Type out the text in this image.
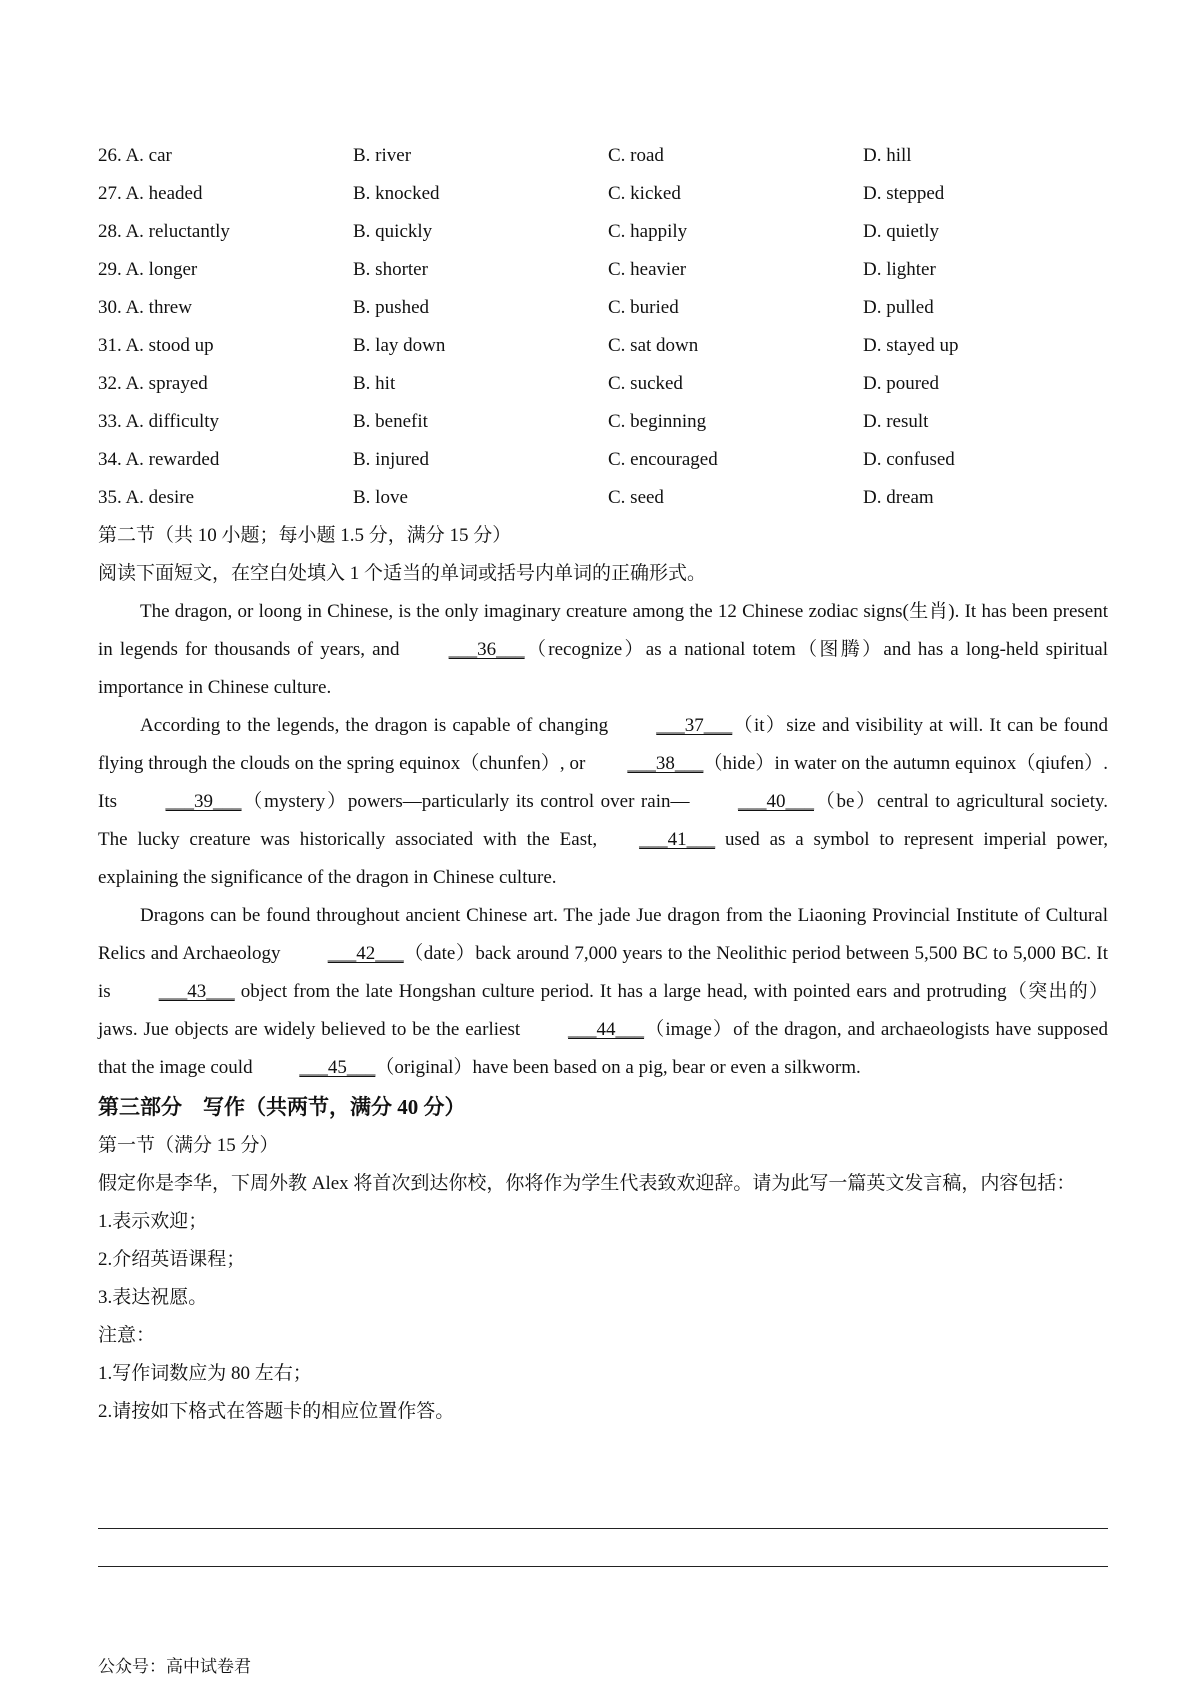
26. A. car	B. river	C. road	D. hill
27. A. headed	B. knocked	C. kicked	D. stepped
28. A. reluctantly	B. quickly	C. happily	D. quietly
29. A. longer	B. shorter	C. heavier	D. lighter
30. A. threw	B. pushed	C. buried	D. pulled
31. A. stood up	B. lay down	C. sat down	D. stayed up
32. A. sprayed	B. hit	C. sucked	D. poured
33. A. difficulty	B. benefit	C. beginning	D. result
34. A. rewarded	B. injured	C. encouraged	D. confused
35. A. desire	B. love	C. seed	D. dream
第二节（共 10 小题；每小题 1.5 分，满分 15 分）
阅读下面短文，在空白处填入 1 个适当的单词或括号内单词的正确形式。

The dragon, or loong in Chinese, is the only imaginary creature among the 12 Chinese zodiac signs(生肖). It has been present in legends for thousands of years, and ___36___（recognize）as a national totem（图腾）and has a long-held spiritual importance in Chinese culture.

According to the legends, the dragon is capable of changing ___37___（it）size and visibility at will. It can be found flying through the clouds on the spring equinox（chunfen）, or ___38___（hide）in water on the autumn equinox（qiufen）. Its ___39___（mystery）powers—particularly its control over rain— ___40___（be）central to agricultural society. The lucky creature was historically associated with the East, ___41___ used as a symbol to represent imperial power, explaining the significance of the dragon in Chinese culture.

Dragons can be found throughout ancient Chinese art. The jade Jue dragon from the Liaoning Provincial Institute of Cultural Relics and Archaeology ___42___（date）back around 7,000 years to the Neolithic period between 5,500 BC to 5,000 BC. It is ___43___ object from the late Hongshan culture period. It has a large head, with pointed ears and protruding（突出的）jaws. Jue objects are widely believed to be the earliest ___44___（image）of the dragon, and archaeologists have supposed that the image could ___45___（original）have been based on a pig, bear or even a silkworm.

第三部分　写作（共两节，满分 40 分）
第一节（满分 15 分）

假定你是李华，下周外教 Alex 将首次到达你校，你将作为学生代表致欢迎辞。请为此写一篇英文发言稿，内容包括：

1.表示欢迎；
2.介绍英语课程；
3.表达祝愿。
注意：
1.写作词数应为 80 左右；
2.请按如下格式在答题卡的相应位置作答。
公众号：高中试卷君
